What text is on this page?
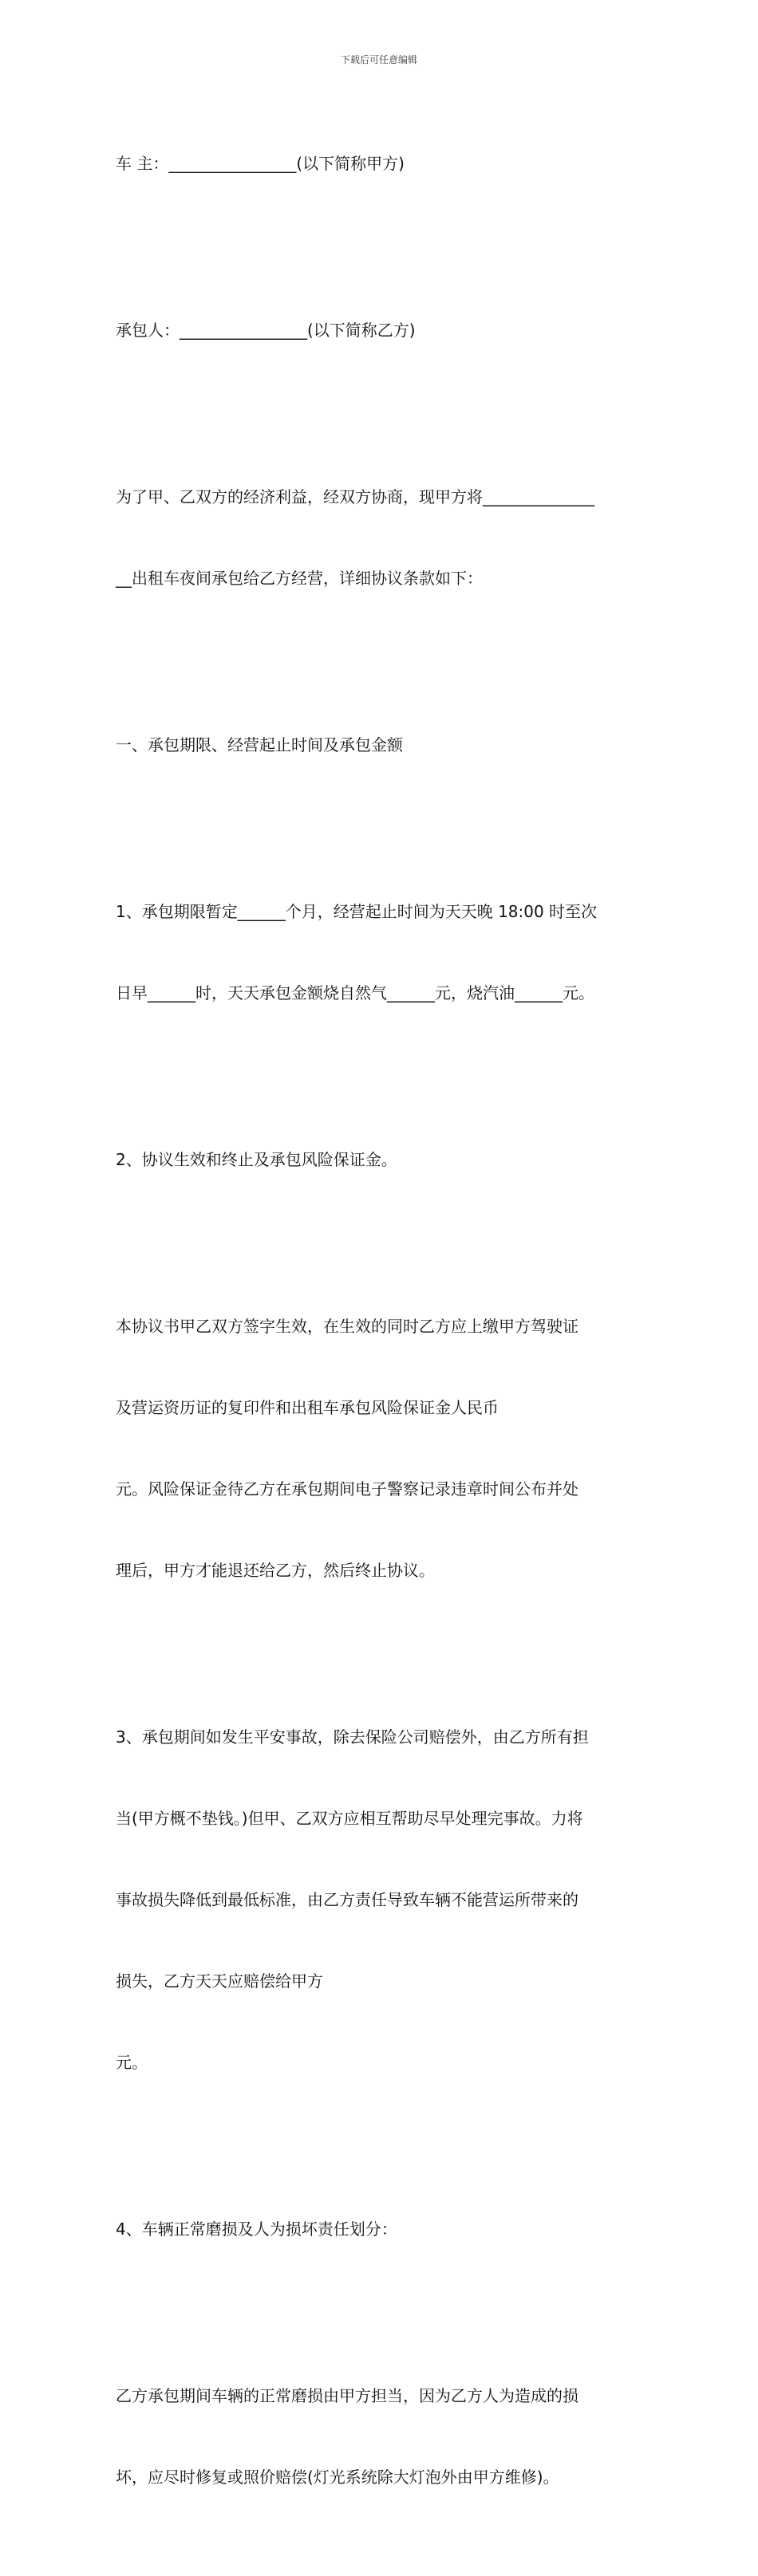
下载后可任意编辑

车 主：________________(以下简称甲方)

承包人：________________(以下简称乙方)

为了甲、乙双方的经济利益，经双方协商，现甲方将______________

__出租车夜间承包给乙方经营，详细协议条款如下：

一、承包期限、经营起止时间及承包金额

1、承包期限暂定______个月，经营起止时间为天天晚 18:00 时至次

日早______时，天天承包金额烧自然气______元，烧汽油______元。

2、协议生效和终止及承包风险保证金。

本协议书甲乙双方签字生效，在生效的同时乙方应上缴甲方驾驶证

及营运资历证的复印件和出租车承包风险保证金人民币

元。风险保证金待乙方在承包期间电子警察记录违章时间公布并处

理后，甲方才能退还给乙方，然后终止协议。

3、承包期间如发生平安事故，除去保险公司赔偿外，由乙方所有担

当(甲方概不垫钱。)但甲、乙双方应相互帮助尽早处理完事故。力将

事故损失降低到最低标准，由乙方责任导致车辆不能营运所带来的

损失，乙方天天应赔偿给甲方

元。

4、车辆正常磨损及人为损坏责任划分：

乙方承包期间车辆的正常磨损由甲方担当，因为乙方人为造成的损

坏，应尽时修复或照价赔偿(灯光系统除大灯泡外由甲方维修)。
